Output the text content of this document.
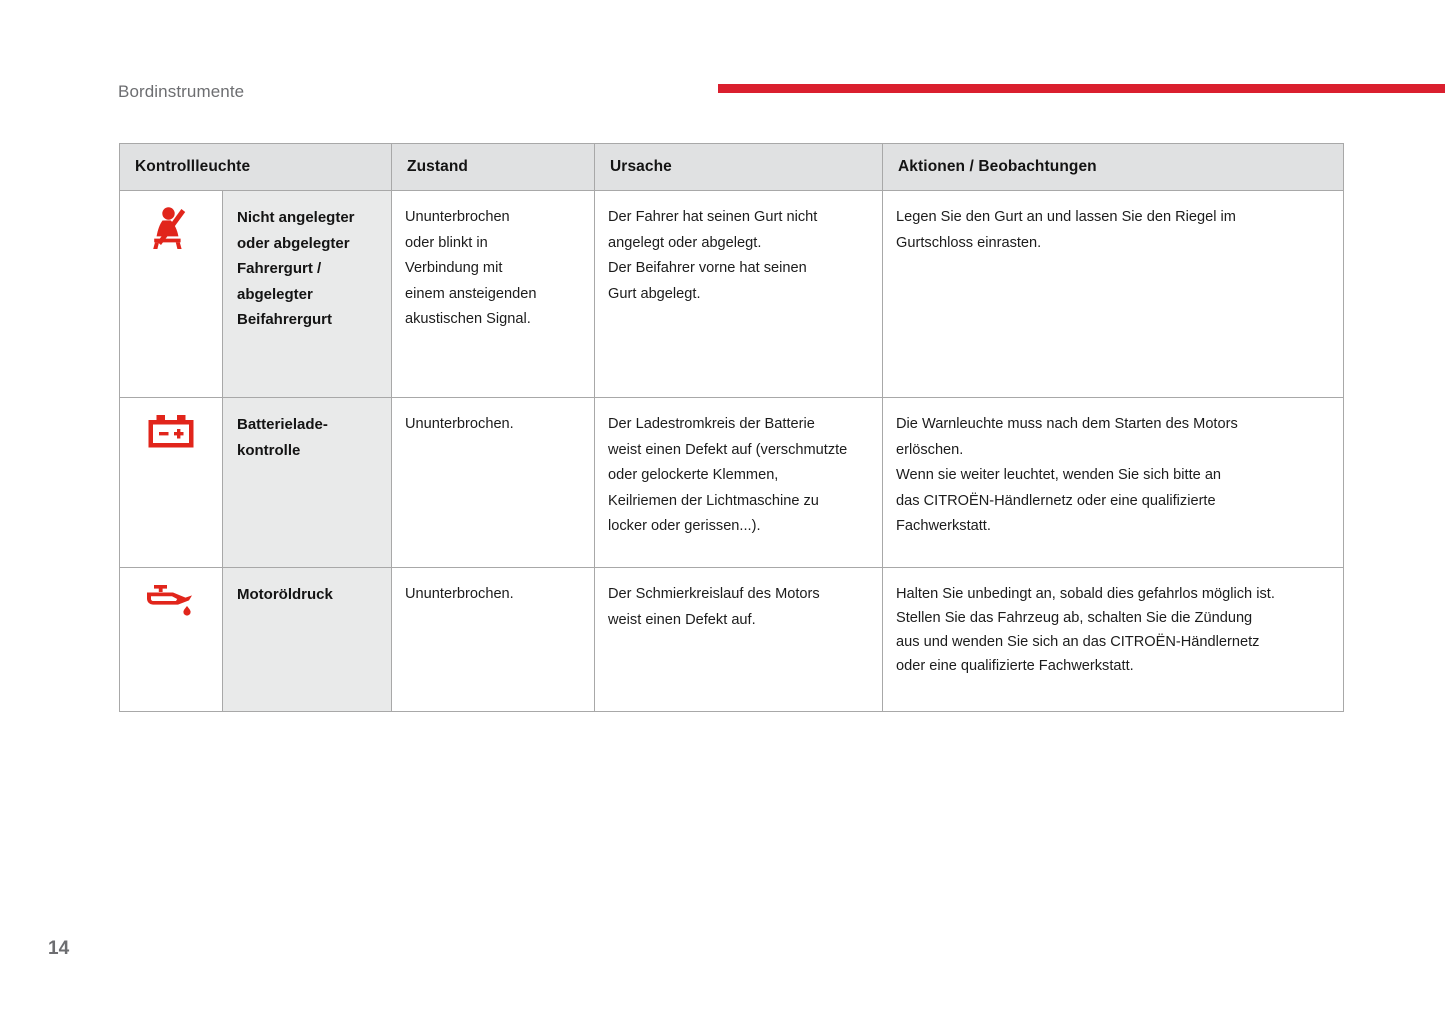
Bordinstrumente
Kontrollleuchte		Zustand	Ursache	Aktionen / Beobachtungen

Nicht angelegter
oder abgelegter
Fahrergurt /
abgelegter
Beifahrergurt	Ununterbrochen
oder blinkt in
Verbindung mit
einem ansteigenden
akustischen Signal.	Der Fahrer hat seinen Gurt nicht
angelegt oder abgelegt.
Der Beifahrer vorne hat seinen
Gurt abgelegt.	Legen Sie den Gurt an und lassen Sie den Riegel im
Gurtschloss einrasten.

Batterielade-
kontrolle	Ununterbrochen.	Der Ladestromkreis der Batterie
weist einen Defekt auf (verschmutzte
oder gelockerte Klemmen,
Keilriemen der Lichtmaschine zu
locker oder gerissen...).	Die Warnleuchte muss nach dem Starten des Motors
erlöschen.
Wenn sie weiter leuchtet, wenden Sie sich bitte an
das CITROËN-Händlernetz oder eine qualifizierte
Fachwerkstatt.

Motoröldruck	Ununterbrochen.	Der Schmierkreislauf des Motors
weist einen Defekt auf.	Halten Sie unbedingt an, sobald dies gefahrlos möglich ist.
Stellen Sie das Fahrzeug ab, schalten Sie die Zündung
aus und wenden Sie sich an das CITROËN-Händlernetz
oder eine qualifizierte Fachwerkstatt.
14
